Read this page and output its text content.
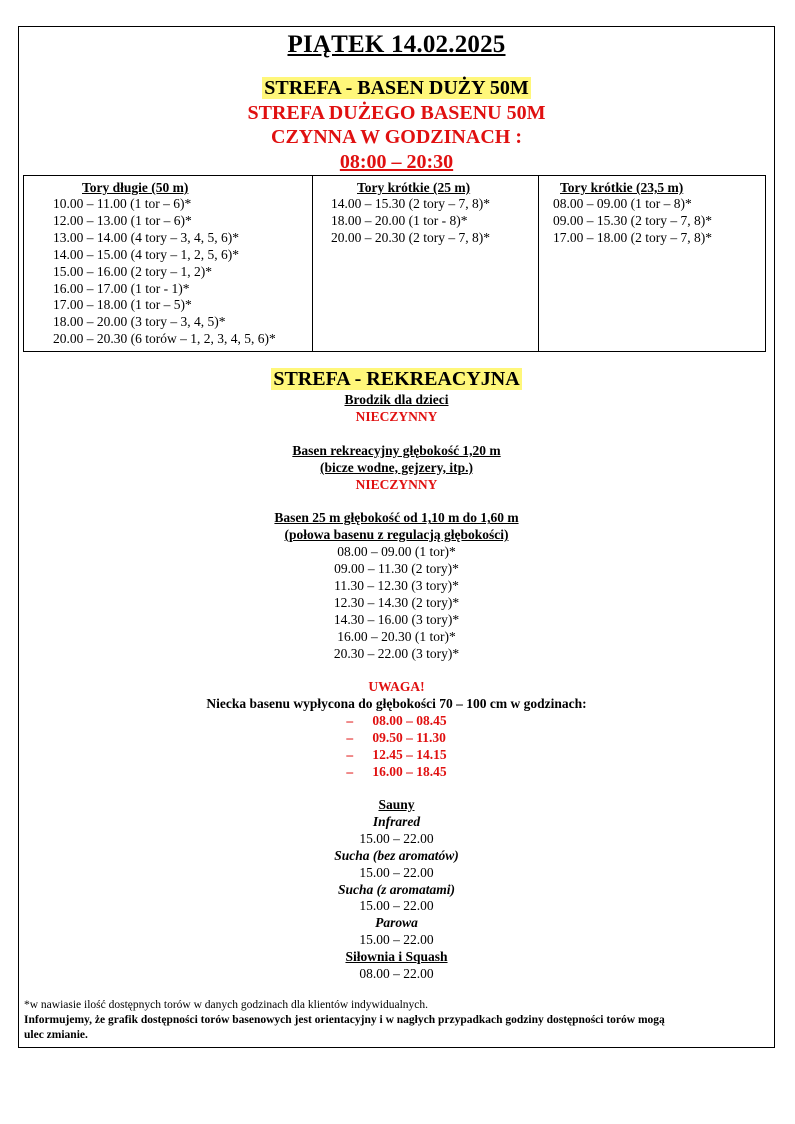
PIĄTEK 14.02.2025
STREFA - BASEN DUŻY 50M
STREFA DUŻEGO BASENU 50M
CZYNNA W GODZINACH :
08:00 – 20:30
Tory długie (50 m)
10.00 – 11.00 (1 tor – 6)*
12.00 – 13.00 (1 tor – 6)*
13.00 – 14.00 (4 tory – 3, 4, 5, 6)*
14.00 – 15.00 (4 tory – 1, 2, 5, 6)*
15.00 – 16.00 (2 tory – 1, 2)*
16.00 – 17.00 (1 tor - 1)*
17.00 – 18.00 (1 tor – 5)*
18.00 – 20.00 (3 tory – 3, 4, 5)*
20.00 – 20.30 (6 torów – 1, 2, 3, 4, 5, 6)*
Tory krótkie (25 m)
14.00 – 15.30 (2 tory – 7, 8)*
18.00 – 20.00 (1 tor - 8)*
20.00 – 20.30 (2 tory – 7, 8)*
Tory krótkie (23,5 m)
08.00 – 09.00 (1 tor – 8)*
09.00 – 15.30 (2 tory – 7, 8)*
17.00 – 18.00 (2 tory – 7, 8)*
STREFA - REKREACYJNA
Brodzik dla dzieci
NIECZYNNY
Basen rekreacyjny głębokość 1,20 m
(bicze wodne, gejzery, itp.)
NIECZYNNY
Basen 25 m głębokość od 1,10 m do 1,60 m
(połowa basenu z regulacją głębokości)
08.00 – 09.00 (1 tor)*
09.00 – 11.30 (2 tory)*
11.30 – 12.30 (3 tory)*
12.30 – 14.30 (2 tory)*
14.30 – 16.00 (3 tory)*
16.00 – 20.30 (1 tor)*
20.30 – 22.00 (3 tory)*
UWAGA!
Niecka basenu wypłycona do głębokości 70 – 100 cm w godzinach:
– 08.00 – 08.45
– 09.50 – 11.30
– 12.45 – 14.15
– 16.00 – 18.45
Sauny
Infrared
15.00 – 22.00
Sucha (bez aromatów)
15.00 – 22.00
Sucha (z aromatami)
15.00 – 22.00
Parowa
15.00 – 22.00
Siłownia i Squash
08.00 – 22.00
*w nawiasie ilość dostępnych torów w danych godzinach dla klientów indywidualnych.
Informujemy, że grafik dostępności torów basenowych jest orientacyjny i w nagłych przypadkach godziny dostępności torów mogą
ulec zmianie.
